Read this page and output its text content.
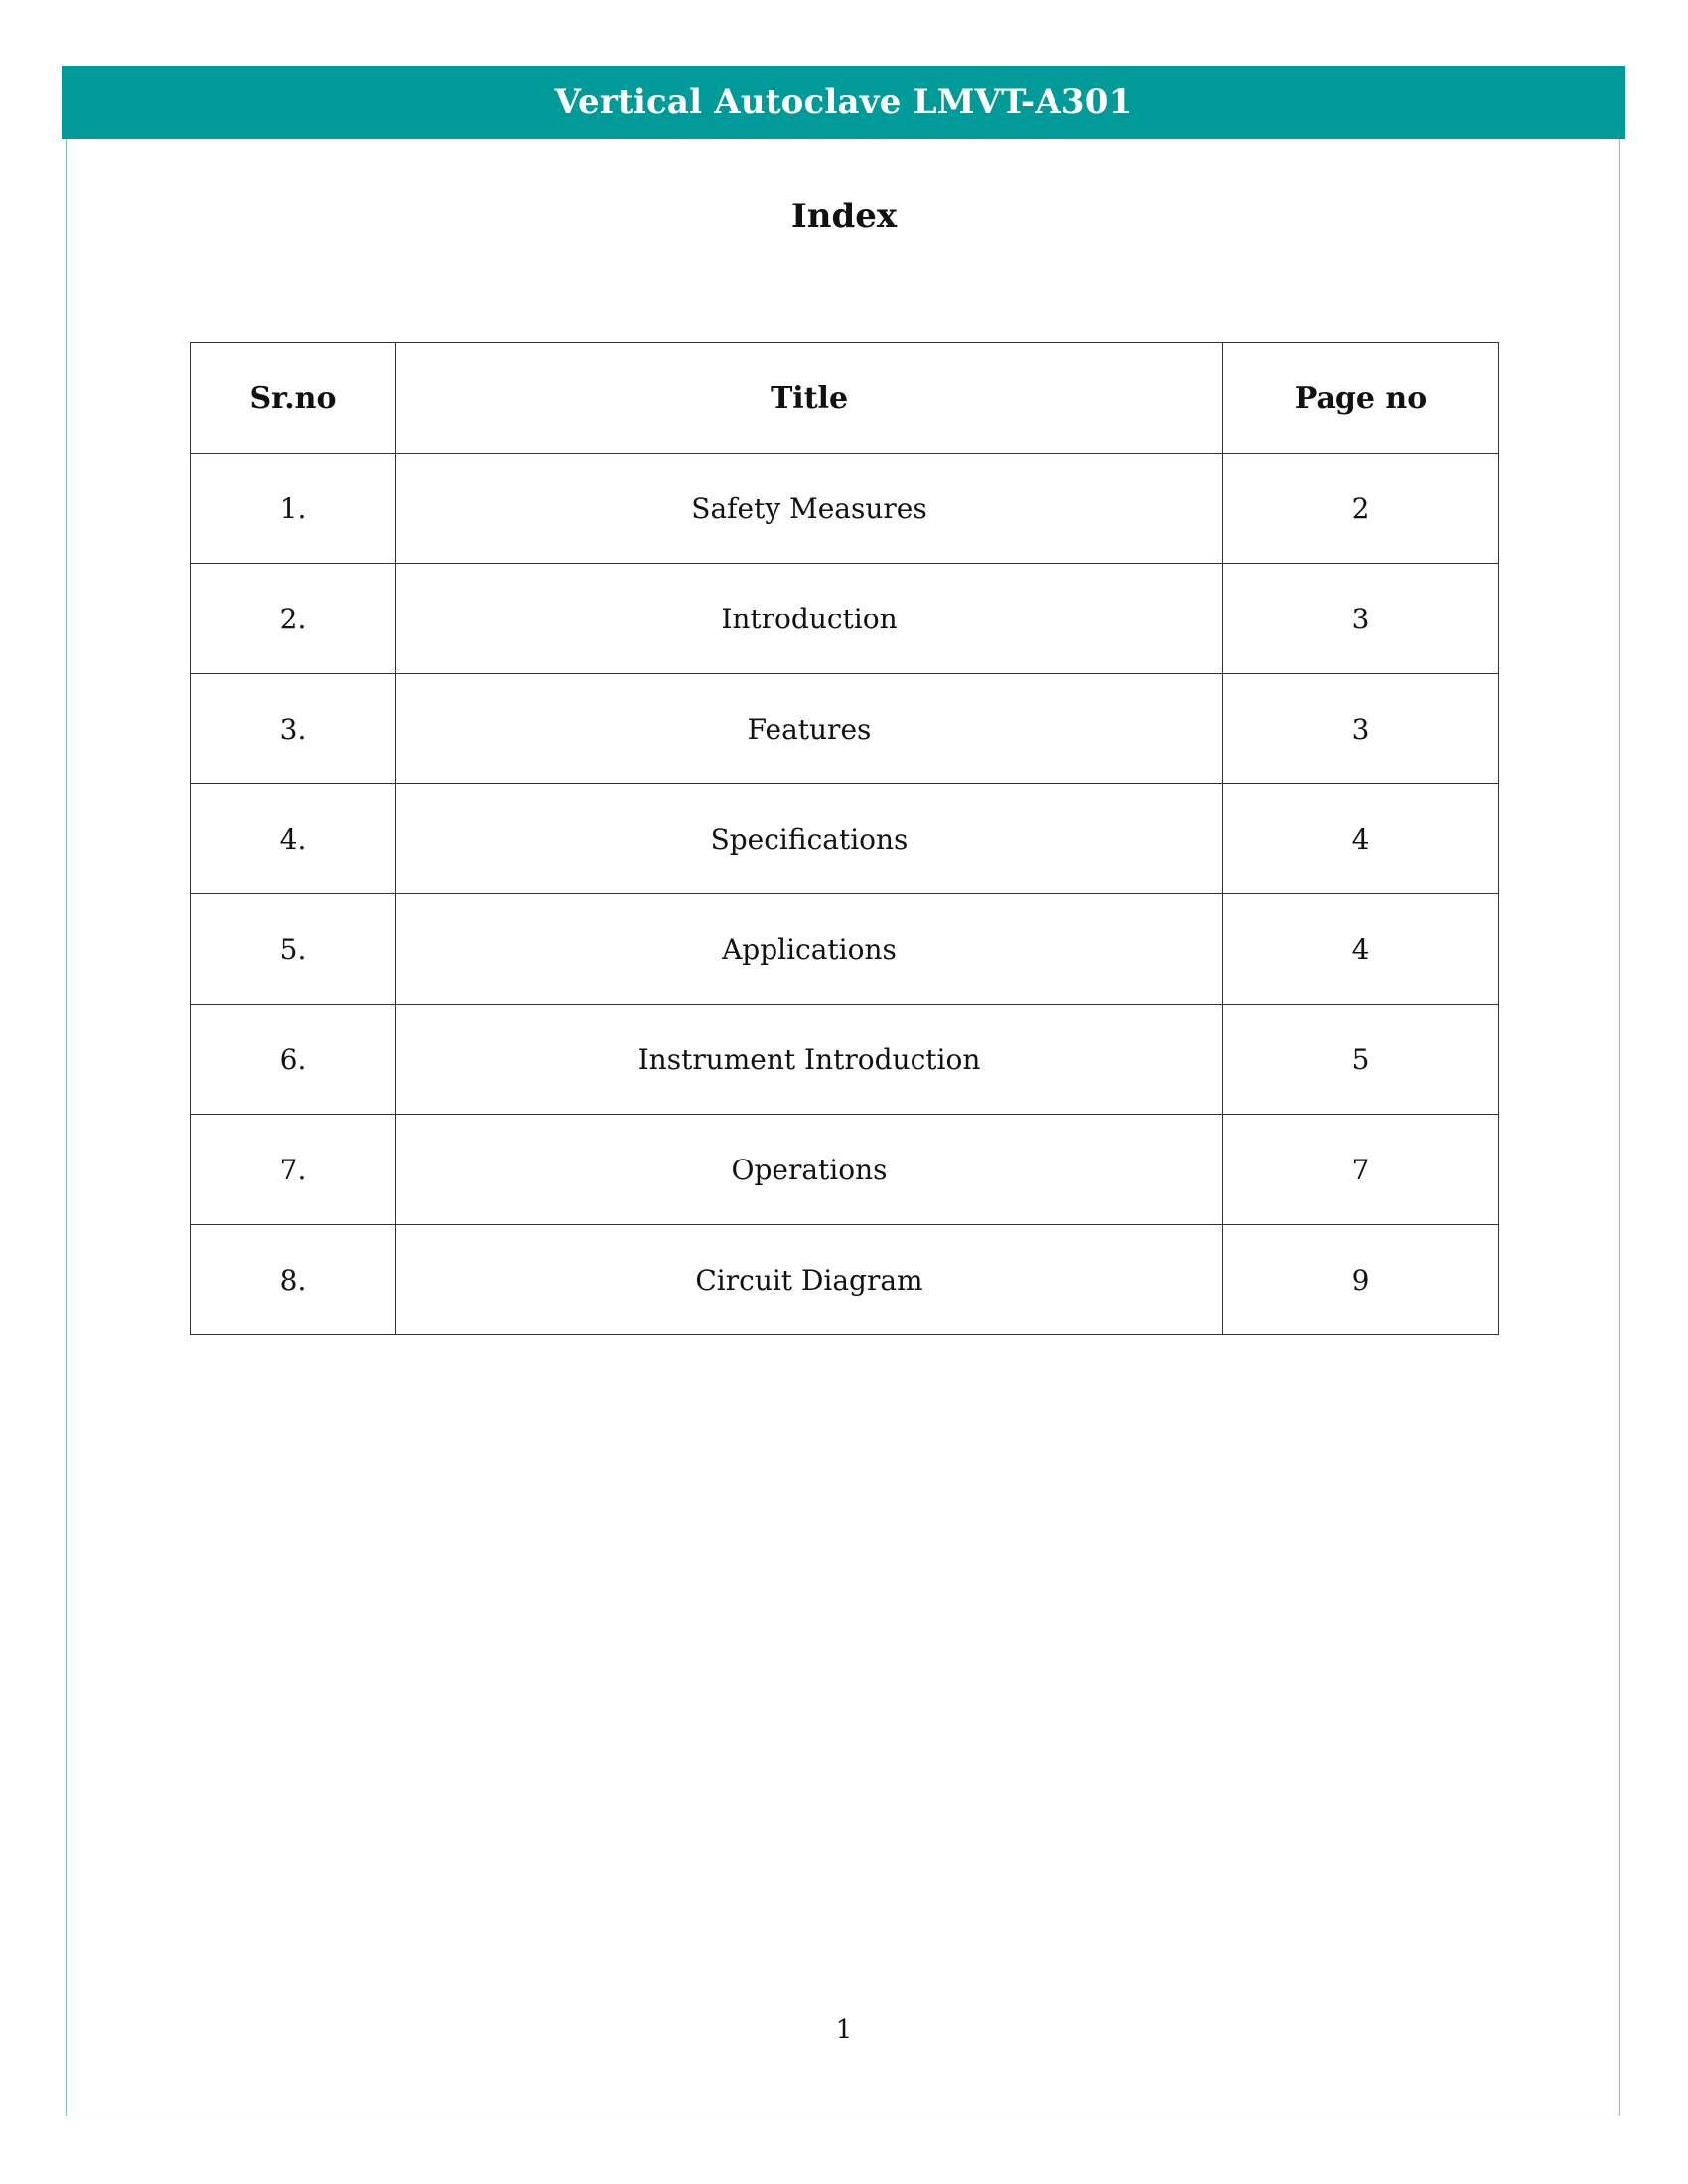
Vertical Autoclave LMVT-A301
Index
Sr.no	Title	Page no
1.	Safety Measures	2
2.	Introduction	3
3.	Features	3
4.	Specifications	4
5.	Applications	4
6.	Instrument Introduction	5
7.	Operations	7
8.	Circuit Diagram	9
1
